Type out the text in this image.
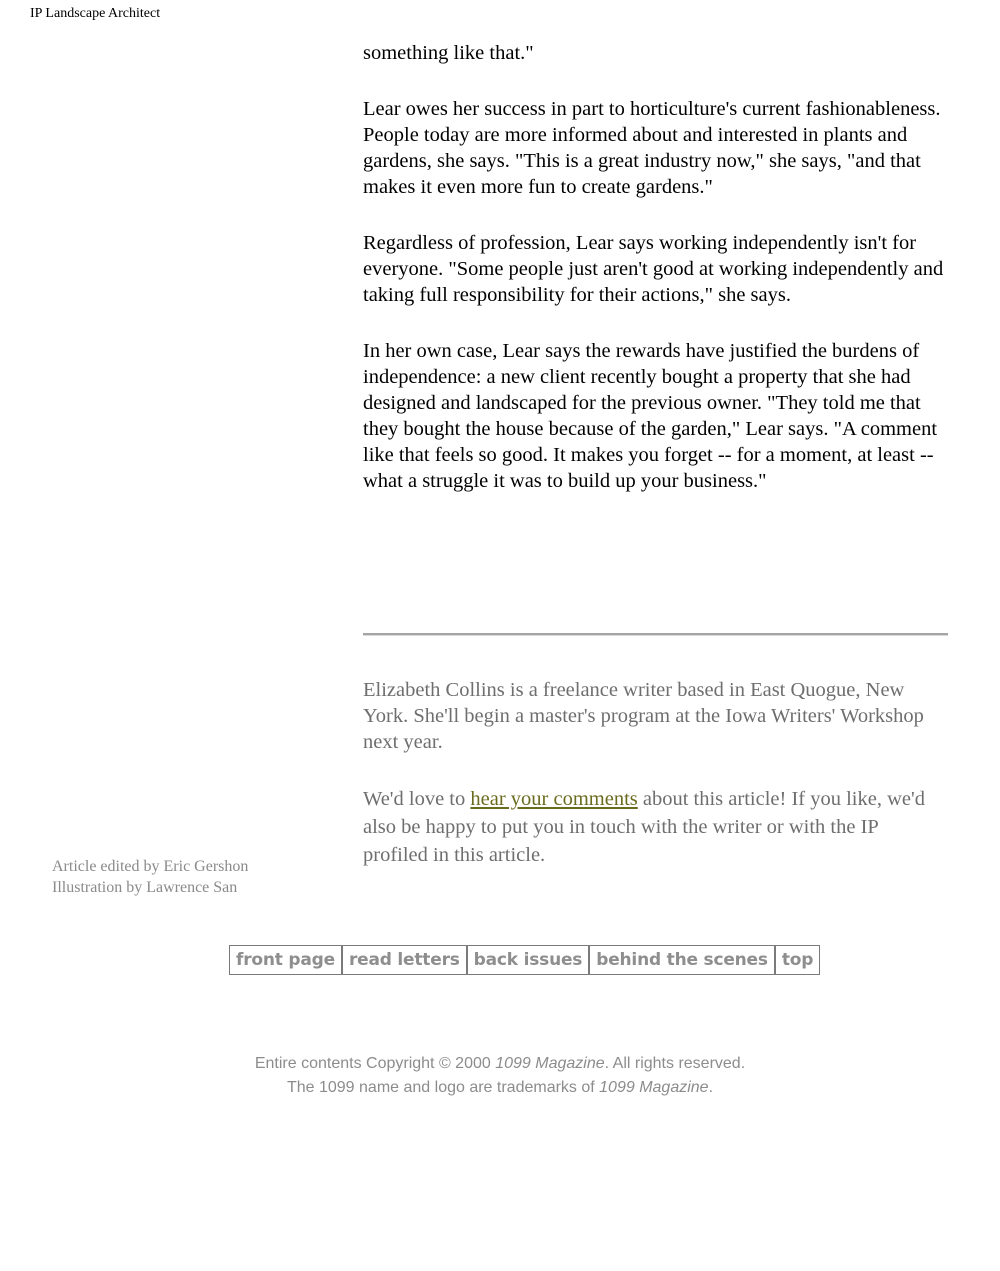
IP Landscape Architect

something like that."

Lear owes her success in part to horticulture's current fashionableness. People today are more informed about and interested in plants and gardens, she says. "This is a great industry now," she says, "and that makes it even more fun to create gardens."

Regardless of profession, Lear says working independently isn't for everyone. "Some people just aren't good at working independently and taking full responsibility for their actions," she says.

In her own case, Lear says the rewards have justified the burdens of independence: a new client recently bought a property that she had designed and landscaped for the previous owner. "They told me that they bought the house because of the garden," Lear says. "A comment like that feels so good. It makes you forget -- for a moment, at least -- what a struggle it was to build up your business."

Elizabeth Collins is a freelance writer based in East Quogue, New York. She'll begin a master's program at the Iowa Writers' Workshop next year.

We'd love to hear your comments about this article! If you like, we'd also be happy to put you in touch with the writer or with the IP profiled in this article.

Article edited by Eric Gershon
Illustration by Lawrence San
front page read letters back issues behind the scenes top
Entire contents Copyright © 2000 1099 Magazine. All rights reserved.
The 1099 name and logo are trademarks of 1099 Magazine.
